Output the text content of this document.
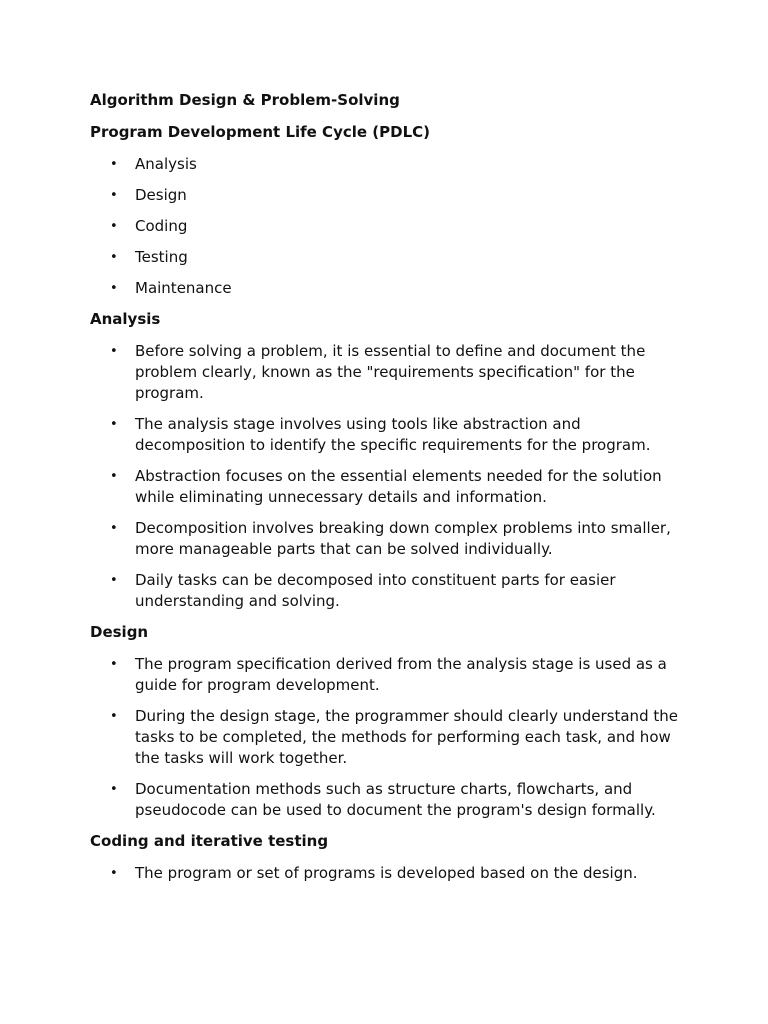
Algorithm Design & Problem-Solving
Program Development Life Cycle (PDLC)
• Analysis
• Design
• Coding
• Testing
• Maintenance
Analysis
• Before solving a problem, it is essential to define and document the problem clearly, known as the "requirements specification" for the program.
• The analysis stage involves using tools like abstraction and decomposition to identify the specific requirements for the program.
• Abstraction focuses on the essential elements needed for the solution while eliminating unnecessary details and information.
• Decomposition involves breaking down complex problems into smaller, more manageable parts that can be solved individually.
• Daily tasks can be decomposed into constituent parts for easier understanding and solving.
Design
• The program specification derived from the analysis stage is used as a guide for program development.
• During the design stage, the programmer should clearly understand the tasks to be completed, the methods for performing each task, and how the tasks will work together.
• Documentation methods such as structure charts, flowcharts, and pseudocode can be used to document the program's design formally.
Coding and iterative testing
• The program or set of programs is developed based on the design.
